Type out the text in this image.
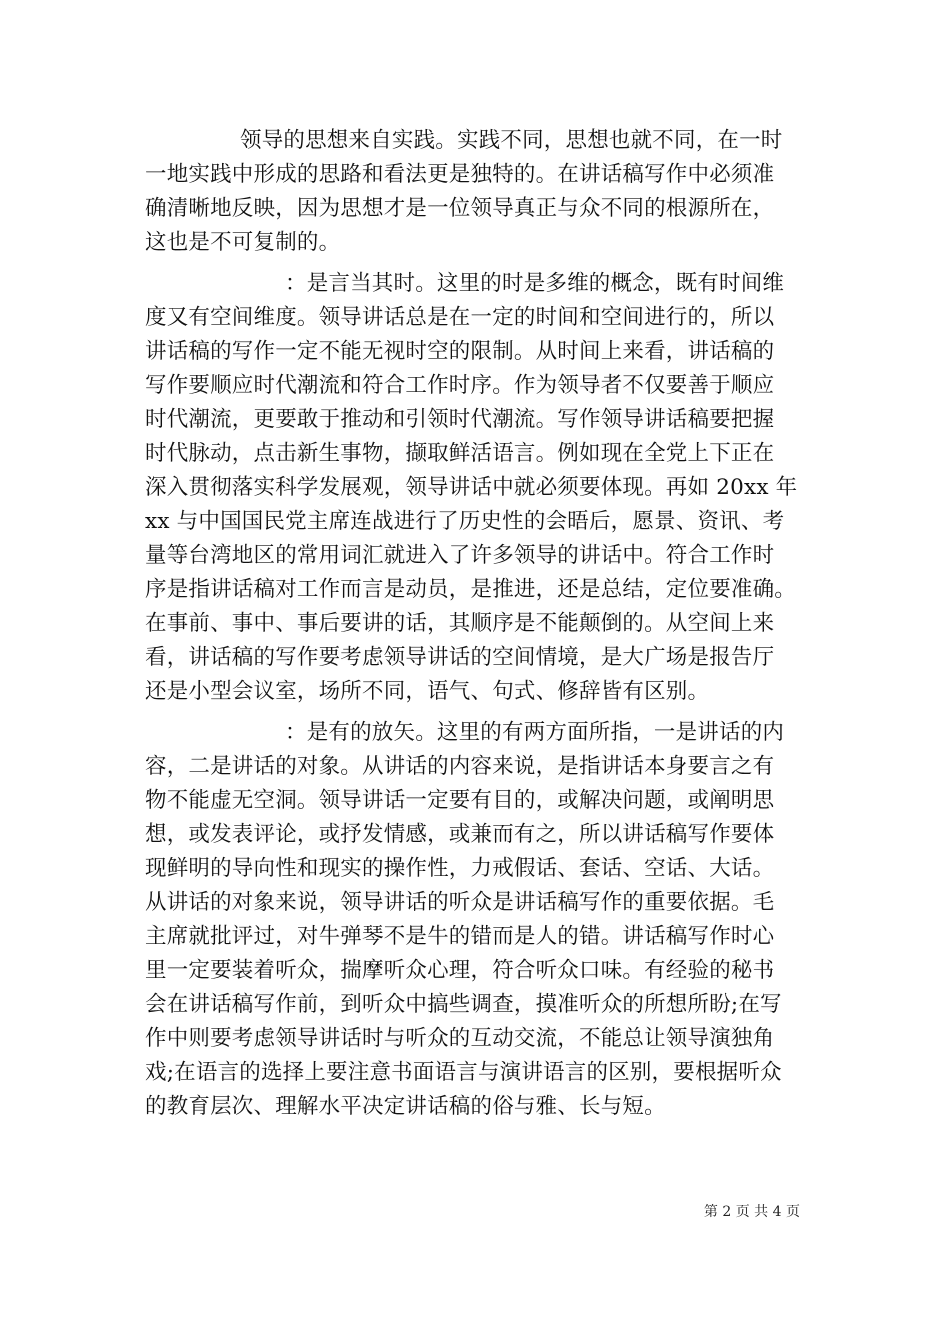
领导的思想来自实践。实践不同，思想也就不同，在一时
一地实践中形成的思路和看法更是独特的。在讲话稿写作中必须准
确清晰地反映，因为思想才是一位领导真正与众不同的根源所在，
这也是不可复制的。
：是言当其时。这里的时是多维的概念，既有时间维
度又有空间维度。领导讲话总是在一定的时间和空间进行的，所以
讲话稿的写作一定不能无视时空的限制。从时间上来看，讲话稿的
写作要顺应时代潮流和符合工作时序。作为领导者不仅要善于顺应
时代潮流，更要敢于推动和引领时代潮流。写作领导讲话稿要把握
时代脉动，点击新生事物，撷取鲜活语言。例如现在全党上下正在
深入贯彻落实科学发展观，领导讲话中就必须要体现。再如 20xx 年
xx 与中国国民党主席连战进行了历史性的会晤后，愿景、资讯、考
量等台湾地区的常用词汇就进入了许多领导的讲话中。符合工作时
序是指讲话稿对工作而言是动员，是推进，还是总结，定位要准确。
在事前、事中、事后要讲的话，其顺序是不能颠倒的。从空间上来
看，讲话稿的写作要考虑领导讲话的空间情境，是大广场是报告厅
还是小型会议室，场所不同，语气、句式、修辞皆有区别。
：是有的放矢。这里的有两方面所指，一是讲话的内
容，二是讲话的对象。从讲话的内容来说，是指讲话本身要言之有
物不能虚无空洞。领导讲话一定要有目的，或解决问题，或阐明思
想，或发表评论，或抒发情感，或兼而有之，所以讲话稿写作要体
现鲜明的导向性和现实的操作性，力戒假话、套话、空话、大话。
从讲话的对象来说，领导讲话的听众是讲话稿写作的重要依据。毛
主席就批评过，对牛弹琴不是牛的错而是人的错。讲话稿写作时心
里一定要装着听众，揣摩听众心理，符合听众口味。有经验的秘书
会在讲话稿写作前，到听众中搞些调查，摸准听众的所想所盼;在写
作中则要考虑领导讲话时与听众的互动交流，不能总让领导演独角
戏;在语言的选择上要注意书面语言与演讲语言的区别，要根据听众
的教育层次、理解水平决定讲话稿的俗与雅、长与短。
第 2 页 共 4 页
